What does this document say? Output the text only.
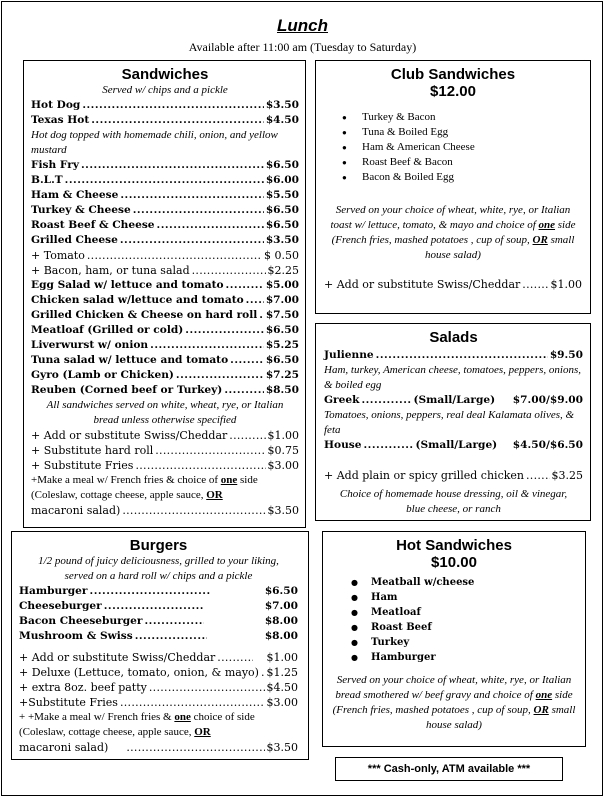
Lunch
Available after 11:00 am (Tuesday to Saturday)
Sandwiches
Served w/ chips and a pickle
Hot Dog . . .	$3.50
Texas Hot . . .	$4.50
Hot dog topped with homemade chili, onion, and yellow mustard
Fish Fry . . .	$6.50
B.L.T . . .	$6.00
Ham & Cheese . . .	$5.50
Turkey & Cheese . . .	$6.50
Roast Beef & Cheese . . .	$6.50
Grilled Cheese . . .	$3.50
+ Tomato . . .	$ 0.50
+ Bacon, ham, or tuna salad . . .	$2.25
Egg Salad w/ lettuce and tomato . . .	$5.00
Chicken salad w/lettuce and tomato . . . $7.00
Grilled Chicken & Cheese on hard roll . . . $7.50
Meatloaf (Grilled or cold) . . .	$6.50
Liverwurst w/ onion . . .	$5.25
Tuna salad w/ lettuce and tomato . . .	$6.50
Gyro (Lamb or Chicken) . . .	$7.25
Reuben (Corned beef or Turkey) . . .	$8.50
All sandwiches served on white, wheat, rye, or Italian bread unless otherwise specified
+ Add or substitute Swiss/Cheddar . . .	$1.00
+ Substitute hard roll . . .	$0.75
+ Substitute Fries . . .	$3.00
+Make a meal w/ French fries & choice of one side (Coleslaw, cottage cheese, apple sauce, OR
macaroni salad) . . .	$3.50
Club Sandwiches
$12.00
● Turkey & Bacon
● Tuna & Boiled Egg
● Ham & American Cheese
● Roast Beef & Bacon
● Bacon & Boiled Egg
Served on your choice of wheat, white, rye, or Italian toast w/ lettuce, tomato, & mayo and choice of one side (French fries, mashed potatoes , cup of soup, OR small house salad)
+ Add or substitute Swiss/Cheddar . . .	$1.00
Salads
Julienne . . .	$9.50
Ham, turkey, American cheese, tomatoes, peppers, onions, & boiled egg
Greek . . .	(Small/Large) $7.00/$9.00
Tomatoes, onions, peppers, real deal Kalamata olives, & feta
House . . .	(Small/Large) $4.50/$6.50
+ Add plain or spicy grilled chicken . . .	$3.25
Choice of homemade house dressing, oil & vinegar, blue cheese, or ranch
Burgers
1/2 pound of juicy deliciousness, grilled to your liking, served on a hard roll w/ chips and a pickle
Hamburger . . .	$6.50
Cheeseburger . . .	$7.00
Bacon Cheeseburger . . .	$8.00
Mushroom & Swiss . . .	$8.00
+ Add or substitute Swiss/Cheddar . . .	$1.00
+ Deluxe (Lettuce, tomato, onion, & mayo) . . . $1.25
+ extra 8oz. beef patty . . .	$4.50
+Substitute Fries . . .	$3.00
+ +Make a meal w/ French fries & one choice of side (Coleslaw, cottage cheese, apple sauce, OR
macaroni salad) . . .	$3.50
Hot Sandwiches
$10.00
● Meatball w/cheese
● Ham
● Meatloaf
● Roast Beef
● Turkey
● Hamburger
Served on your choice of wheat, white, rye, or Italian bread smothered w/ beef gravy and choice of one side (French fries, mashed potatoes , cup of soup, OR small house salad)
*** Cash-only, ATM available ***
